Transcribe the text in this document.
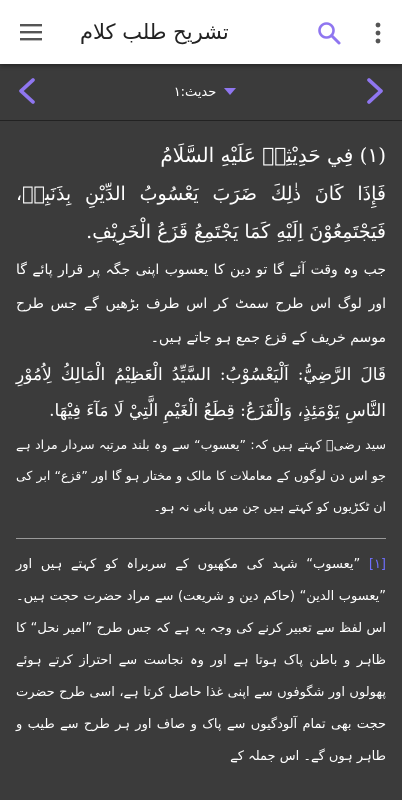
تشریح طلب کلام
حدیث:۱
(۱) فِي حَدِيْثِهٖ عَلَيْهِ السَّلَامُ
فَإِذَا كَانَ ذٰلِكَ ضَرَبَ يَعْسُوبُ الدِّيْنِ بِذَنَبِهٖ، فَيَجْتَمِعُوْنَ اِلَيْهِ كَمَا يَجْتَمِعُ قَزَعُ الْخَرِيْفِ.
جب وہ وقت آئے گا تو دین کا یعسوب اپنی جگہ پر قرار پائے گا اور لوگ اس طرح سمٹ کر اس طرف بڑھیں گے جس طرح موسم خریف کے قزع جمع ہو جاتے ہیں۔
قَالَ الرَّضِيُّ: اَلْيَعْسُوْبُ: السَّيِّدُ الْعَظِيْمُ الْمَالِكُ لِاُمُوْرِ النَّاسِ يَوْمَئِذٍ، وَالْقَزَعُ: قِطَعُ الْغَيْمِ الَّتِيْ لَا مَآءَ فِيْهَا.
سید رضیؒ کہتے ہیں کہ: ”یعسوب“ سے وہ بلند مرتبہ سردار مراد ہے جو اس دن لوگوں کے معاملات کا مالک و مختار ہو گا اور ”قزع“ ابر کی ان ٹکڑیوں کو کہتے ہیں جن میں پانی نہ ہو۔
[۱] ”یعسوب“ شہد کی مکھیوں کے سربراہ کو کہتے ہیں اور ”یعسوب الدین“ (حاکم دین و شریعت) سے مراد حضرت حجت ہیں۔ اس لفظ سے تعبیر کرنے کی وجہ یہ ہے کہ جس طرح ”امیر نحل“ کا ظاہر و باطن پاک ہوتا ہے اور وہ نجاست سے احتراز کرتے ہوئے پھولوں اور شگوفوں سے اپنی غذا حاصل کرتا ہے، اسی طرح حضرت حجت بھی تمام آلودگیوں سے پاک و صاف اور ہر طرح سے طیب و طاہر ہوں گے۔ اس جملہ کے
